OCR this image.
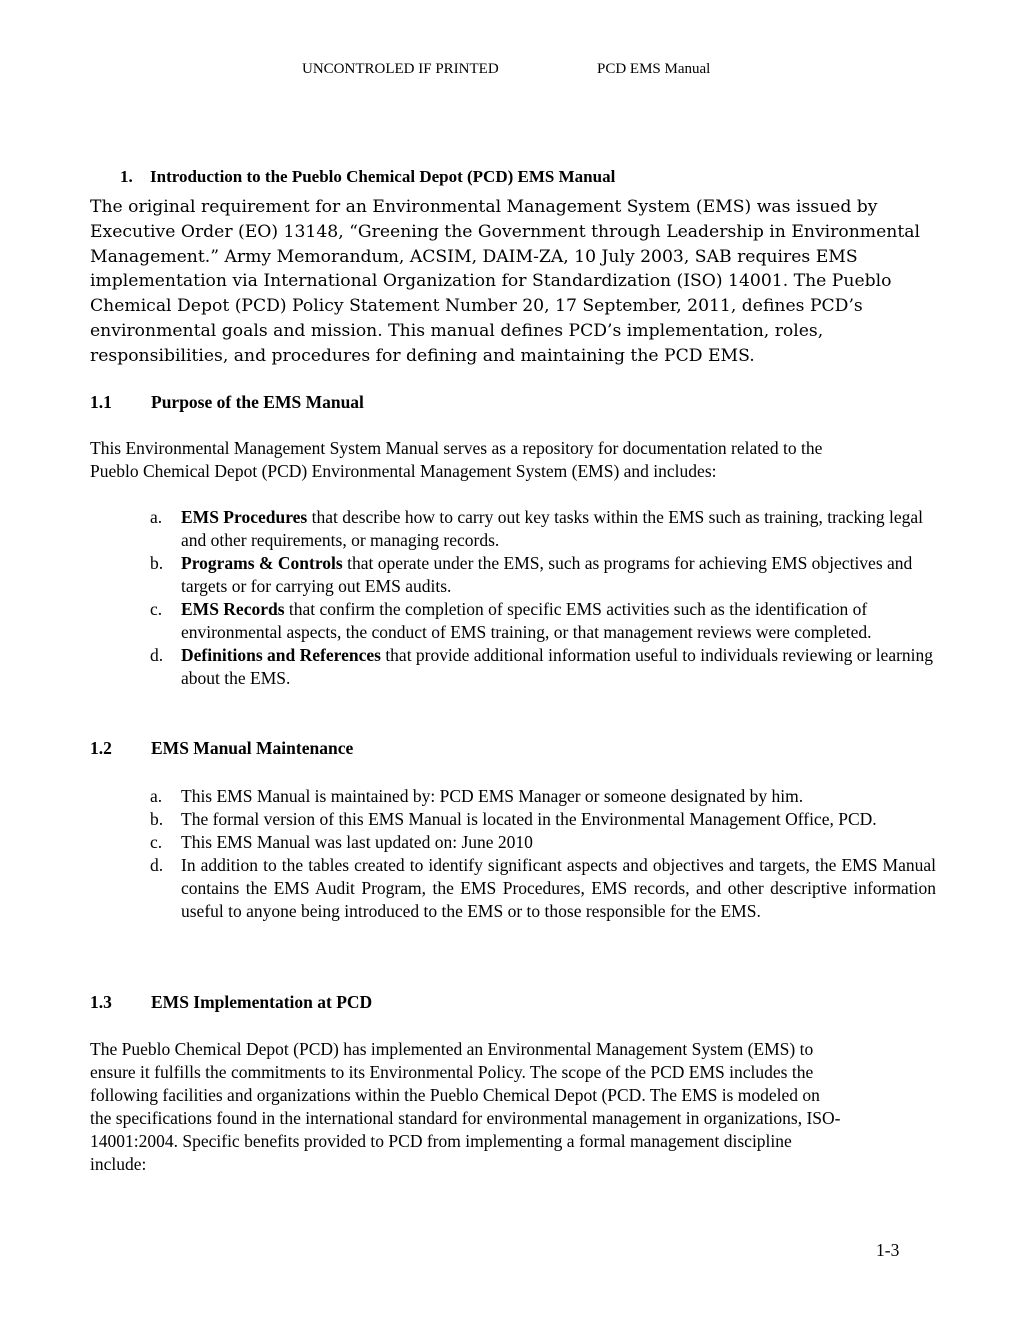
UNCONTROLED IF PRINTED	PCD EMS Manual
1. Introduction to the Pueblo Chemical Depot (PCD) EMS Manual
The original requirement for an Environmental Management System (EMS) was issued by
Executive Order (EO) 13148, “Greening the Government through Leadership in Environmental
Management.” Army Memorandum, ACSIM, DAIM-ZA, 10 July 2003, SAB requires EMS
implementation via International Organization for Standardization (ISO) 14001. The Pueblo
Chemical Depot (PCD) Policy Statement Number 20, 17 September, 2011, defines PCD’s
environmental goals and mission. This manual defines PCD’s implementation, roles,
responsibilities, and procedures for defining and maintaining the PCD EMS.
1.1 Purpose of the EMS Manual
This Environmental Management System Manual serves as a repository for documentation related to the
Pueblo Chemical Depot (PCD) Environmental Management System (EMS) and includes:
a.	EMS Procedures that describe how to carry out key tasks within the EMS such as training, tracking legal and other requirements, or managing records.
b.	Programs & Controls that operate under the EMS, such as programs for achieving EMS objectives and targets or for carrying out EMS audits.
c.	EMS Records that confirm the completion of specific EMS activities such as the identification of environmental aspects, the conduct of EMS training, or that management reviews were completed.
d.	Definitions and References that provide additional information useful to individuals reviewing or learning about the EMS.
1.2 EMS Manual Maintenance
a.	This EMS Manual is maintained by: PCD EMS Manager or someone designated by him.
b.	The formal version of this EMS Manual is located in the Environmental Management Office, PCD.
c.	This EMS Manual was last updated on: June 2010
d.	In addition to the tables created to identify significant aspects and objectives and targets, the EMS Manual contains the EMS Audit Program, the EMS Procedures, EMS records, and other descriptive information useful to anyone being introduced to the EMS or to those responsible for the EMS.
1.3 EMS Implementation at PCD
The Pueblo Chemical Depot (PCD) has implemented an Environmental Management System (EMS) to
ensure it fulfills the commitments to its Environmental Policy. The scope of the PCD EMS includes the
following facilities and organizations within the Pueblo Chemical Depot (PCD. The EMS is modeled on
the specifications found in the international standard for environmental management in organizations, ISO-
14001:2004. Specific benefits provided to PCD from implementing a formal management discipline
include:
1-3
